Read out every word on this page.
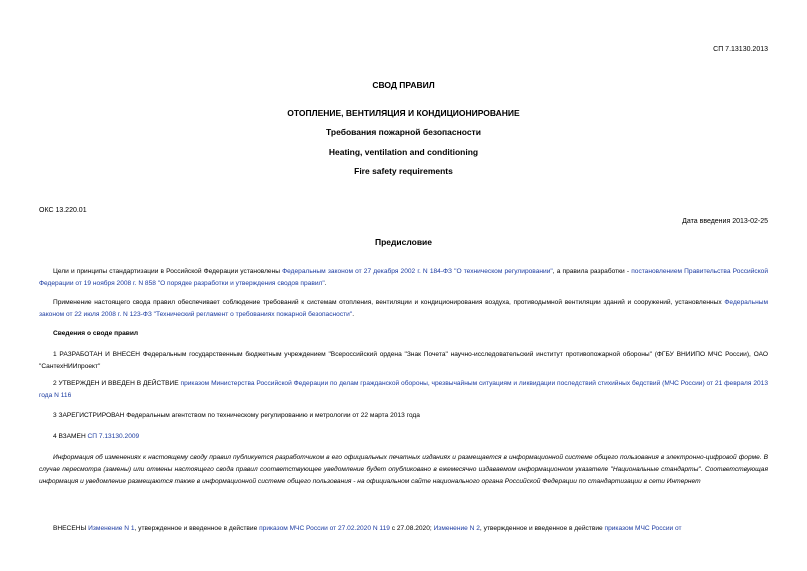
СП 7.13130.2013
СВОД ПРАВИЛ
ОТОПЛЕНИЕ, ВЕНТИЛЯЦИЯ И КОНДИЦИОНИРОВАНИЕ
Требования пожарной безопасности
Heating, ventilation and conditioning
Fire safety requirements
ОКС 13.220.01
Дата введения 2013-02-25
Предисловие
Цели и принципы стандартизации в Российской Федерации установлены Федеральным законом от 27 декабря 2002 г. N 184-ФЗ "О техническом регулировании", а правила разработки - постановлением Правительства Российской Федерации от 19 ноября 2008 г. N 858 "О порядке разработки и утверждения сводов правил".
Применение настоящего свода правил обеспечивает соблюдение требований к системам отопления, вентиляции и кондиционирования воздуха, противодымной вентиляции зданий и сооружений, установленных Федеральным законом от 22 июля 2008 г. N 123-ФЗ "Технический регламент о требованиях пожарной безопасности".
Сведения о своде правил
1 РАЗРАБОТАН И ВНЕСЕН Федеральным государственным бюджетным учреждением "Всероссийский ордена "Знак Почета" научно-исследовательский институт противопожарной обороны" (ФГБУ ВНИИПО МЧС России), ОАО "СантехНИИпроект"
2 УТВЕРЖДЕН И ВВЕДЕН В ДЕЙСТВИЕ приказом Министерства Российской Федерации по делам гражданской обороны, чрезвычайным ситуациям и ликвидации последствий стихийных бедствий (МЧС России) от 21 февраля 2013 года N 116
3 ЗАРЕГИСТРИРОВАН Федеральным агентством по техническому регулированию и метрологии от 22 марта 2013 года
4 ВЗАМЕН СП 7.13130.2009
Информация об изменениях к настоящему своду правил публикуется разработчиком в его официальных печатных изданиях и размещается в информационной системе общего пользования в электронно-цифровой форме. В случае пересмотра (замены) или отмены настоящего свода правил соответствующее уведомление будет опубликовано в ежемесячно издаваемом информационном указателе "Национальные стандарты". Соответствующая информация и уведомление размещаются также в информационной системе общего пользования - на официальном сайте национального органа Российской Федерации по стандартизации в сети Интернет
ВНЕСЕНЫ Изменение N 1, утвержденное и введенное в действие приказом МЧС России от 27.02.2020 N 119 с 27.08.2020; Изменение N 2, утвержденное и введенное в действие приказом МЧС России от
